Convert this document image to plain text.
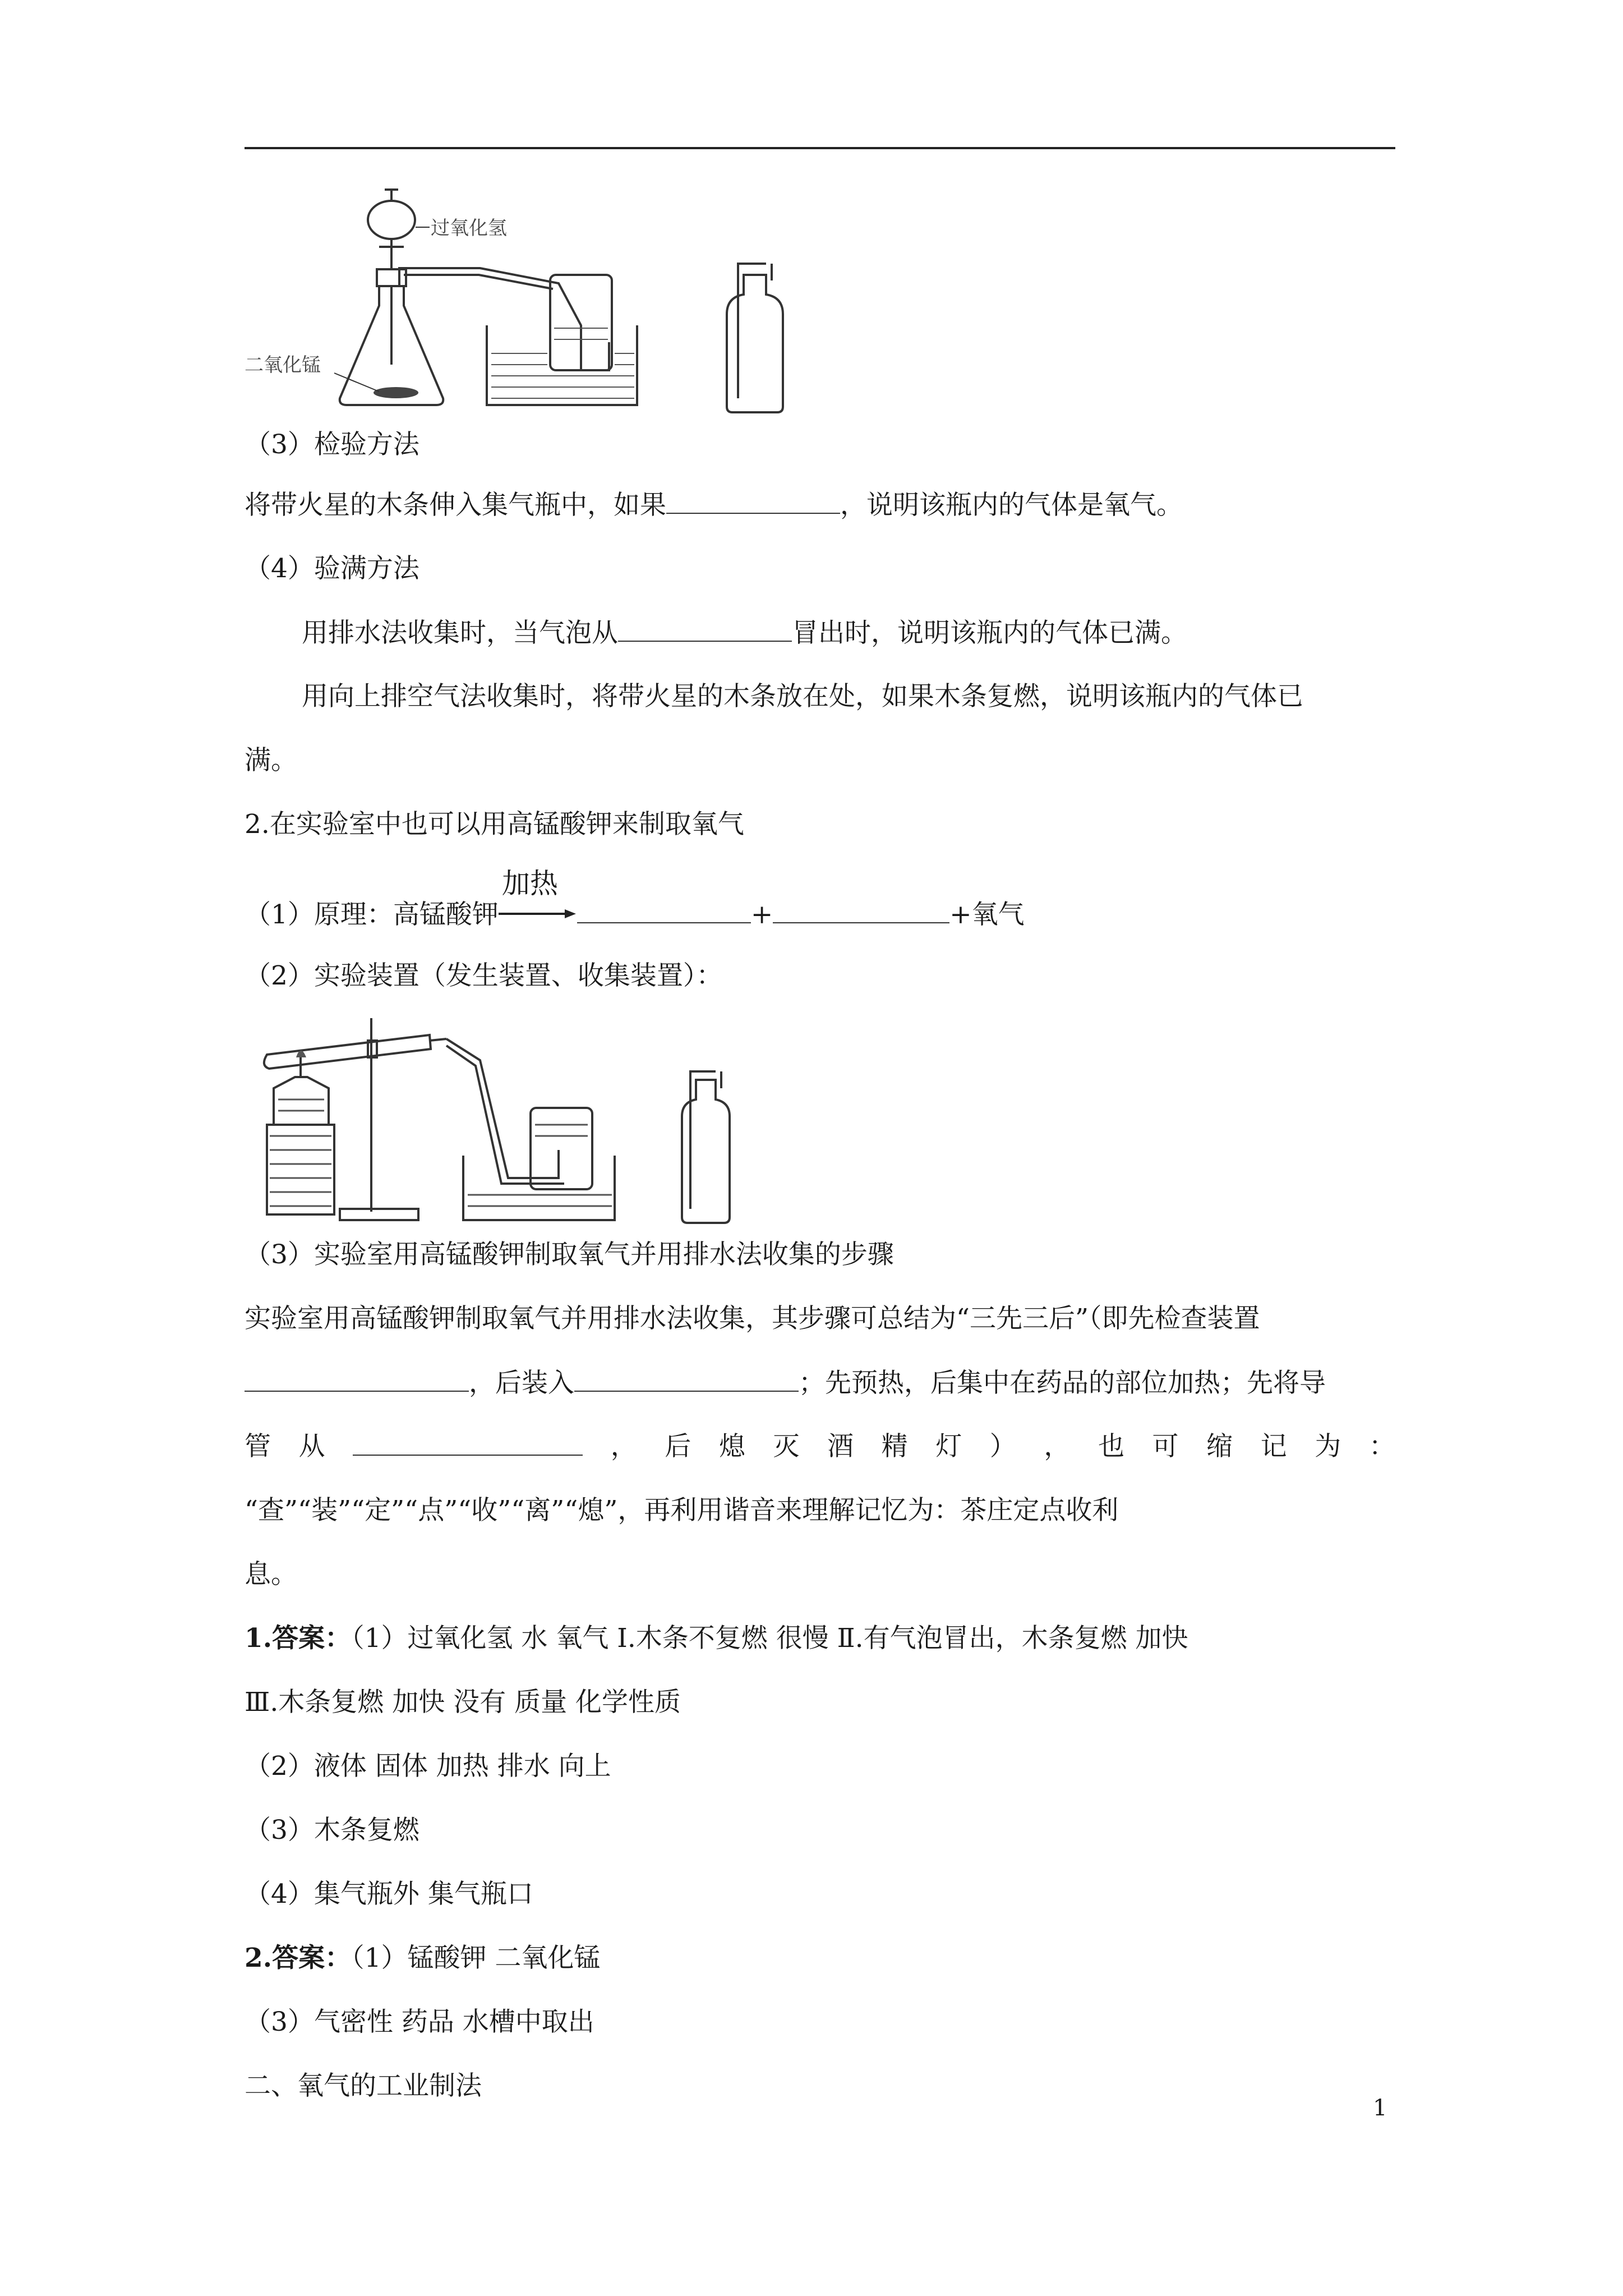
过氧化氢
二氧化锰

（3）检验方法

将带火星的木条伸入集气瓶中，如果	，说明该瓶内的气体是氧气。

（4）验满方法

用排水法收集时，当气泡从	冒出时，说明该瓶内的气体已满。

用向上排空气法收集时，将带火星的木条放在处，如果木条复燃，说明该瓶内的气体已

满。

2.在实验室中也可以用高锰酸钾来制取氧气

（1）原理：高锰酸钾
加热
+	+氧气

（2）实验装置（发生装置、收集装置）：

（3）实验室用高锰酸钾制取氧气并用排水法收集的步骤

实验室用高锰酸钾制取氧气并用排水法收集，其步骤可总结为“三先三后”（即先检查装置

，后装入	；先预热，后集中在药品的部位加热；先将导

管 从	， 后 熄 灭 酒 精 灯 ） ， 也 可 缩 记 为 ：

“查”“装”“定”“点”“收”“离”“熄”，再利用谐音来理解记忆为：茶庄定点收利

息。

1.答案：（1）过氧化氢 水 氧气 Ⅰ.木条不复燃 很慢 Ⅱ.有气泡冒出，木条复燃 加快

Ⅲ.木条复燃 加快 没有 质量 化学性质

（2）液体 固体 加热 排水 向上

（3）木条复燃

（4）集气瓶外 集气瓶口

2.答案：（1）锰酸钾 二氧化锰

（3）气密性 药品 水槽中取出

二、氧气的工业制法

1
